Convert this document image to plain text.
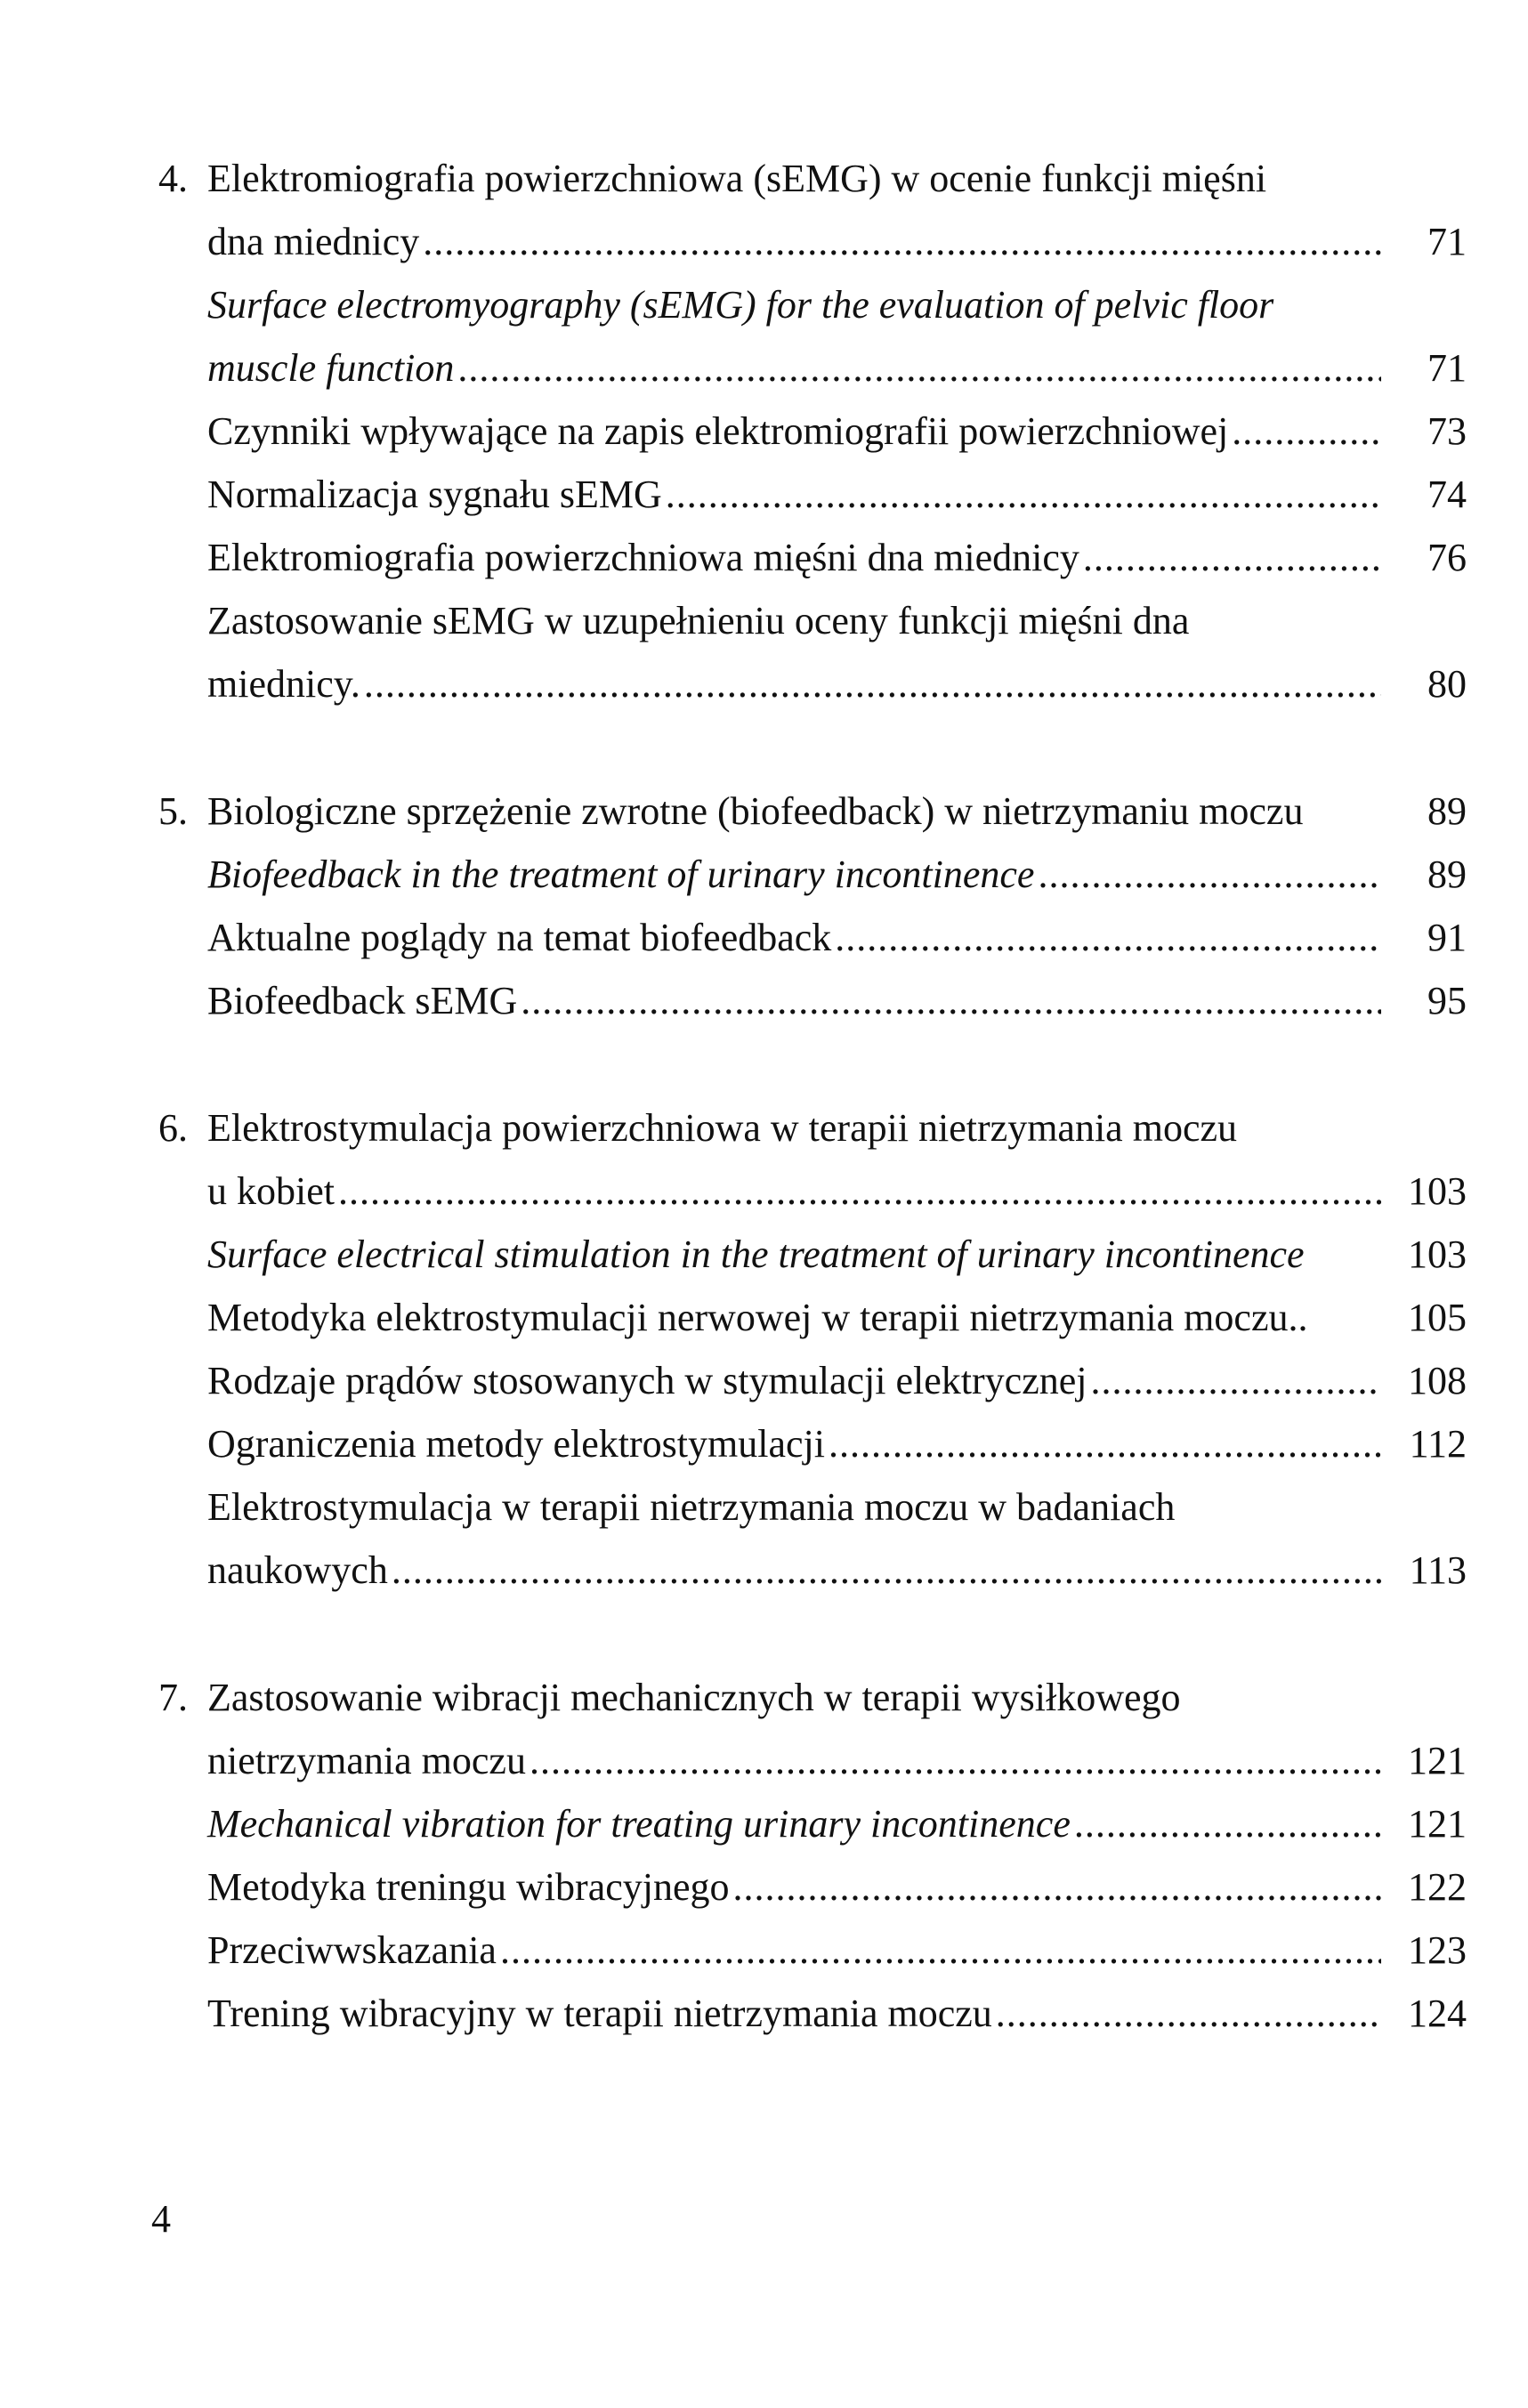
4. Elektromiografia powierzchniowa (sEMG) w ocenie funkcji mięśni
dna miednicy .....	71
Surface electromyography (sEMG) for the evaluation of pelvic floor
muscle function .....	71
Czynniki wpływające na zapis elektromiografii powierzchniowej .....	73
Normalizacja sygnału sEMG .....	74
Elektromiografia powierzchniowa mięśni dna miednicy .....	76
Zastosowanie sEMG w uzupełnieniu oceny funkcji mięśni dna
miednicy. .....	80
5. Biologiczne sprzężenie zwrotne (biofeedback) w nietrzymaniu moczu	89
Biofeedback in the treatment of urinary incontinence .....	89
Aktualne poglądy na temat biofeedback .....	91
Biofeedback sEMG .....	95
6. Elektrostymulacja powierzchniowa w terapii nietrzymania moczu
u kobiet .....	103
Surface electrical stimulation in the treatment of urinary incontinence	103
Metodyka elektrostymulacji nerwowej w terapii nietrzymania moczu..	105
Rodzaje prądów stosowanych w stymulacji elektrycznej .....	108
Ograniczenia metody elektrostymulacji .....	112
Elektrostymulacja w terapii nietrzymania moczu w badaniach
naukowych .....	113
7. Zastosowanie wibracji mechanicznych w terapii wysiłkowego
nietrzymania moczu .....	121
Mechanical vibration for treating urinary incontinence .....	121
Metodyka treningu wibracyjnego .....	122
Przeciwwskazania .....	123
Trening wibracyjny w terapii nietrzymania moczu .....	124
4
